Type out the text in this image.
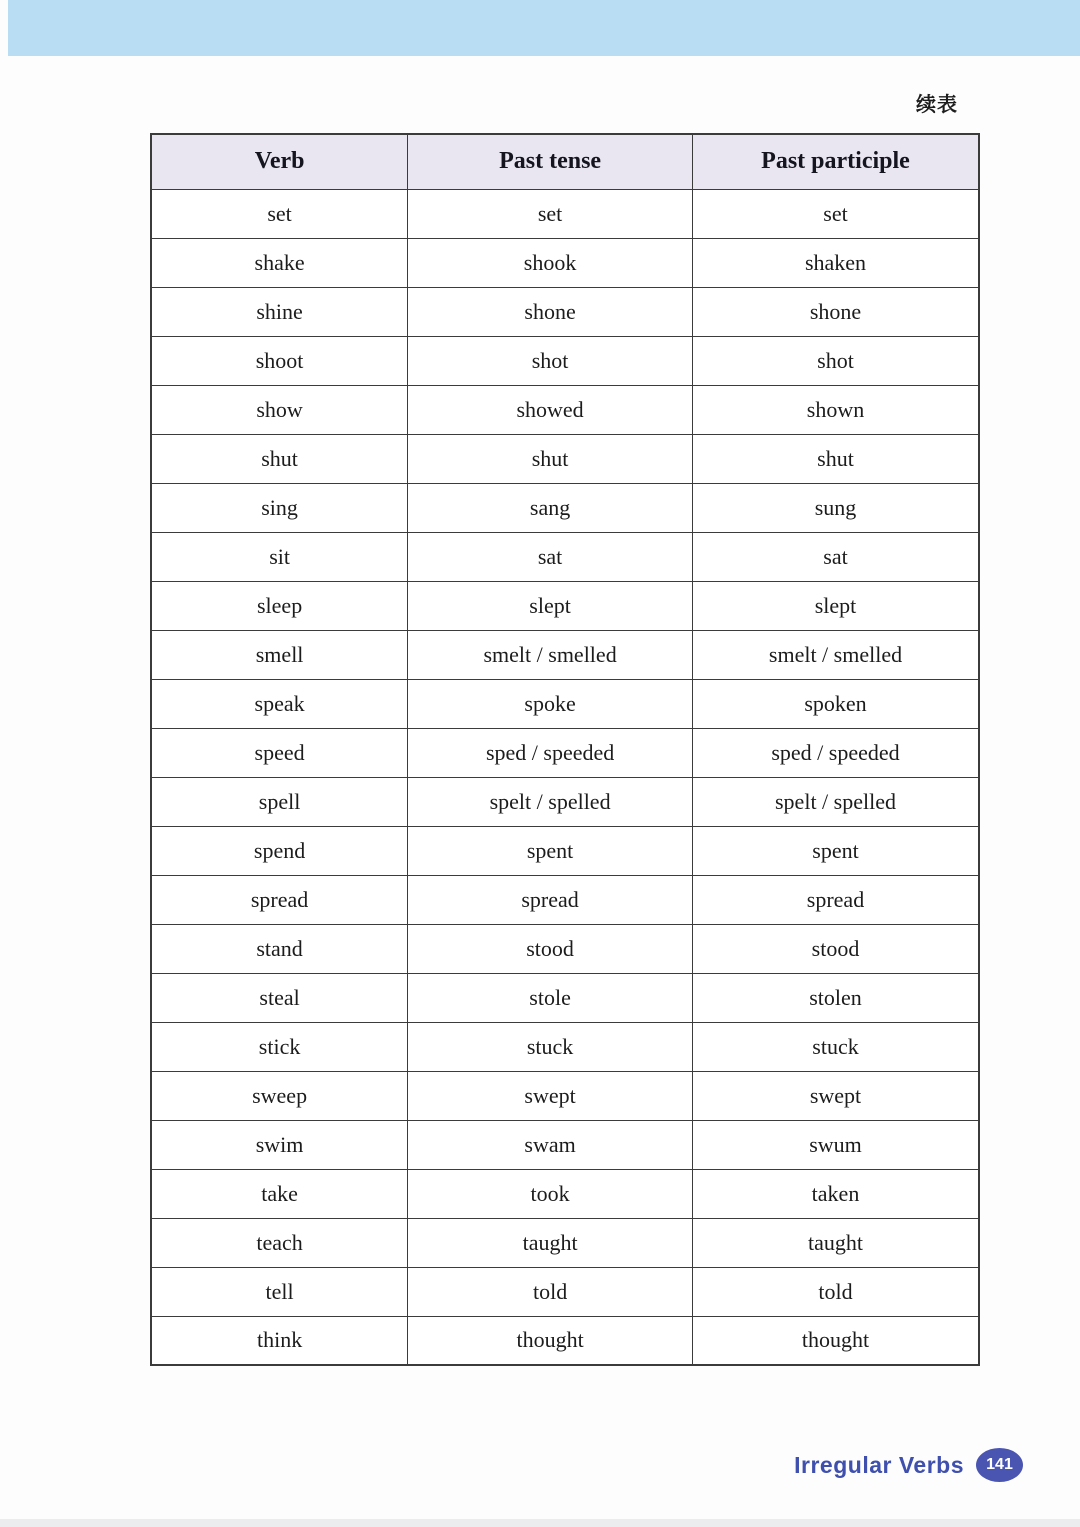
续表
Verb	Past tense	Past participle
set	set	set
shake	shook	shaken
shine	shone	shone
shoot	shot	shot
show	showed	shown
shut	shut	shut
sing	sang	sung
sit	sat	sat
sleep	slept	slept
smell	smelt / smelled	smelt / smelled
speak	spoke	spoken
speed	sped / speeded	sped / speeded
spell	spelt / spelled	spelt / spelled
spend	spent	spent
spread	spread	spread
stand	stood	stood
steal	stole	stolen
stick	stuck	stuck
sweep	swept	swept
swim	swam	swum
take	took	taken
teach	taught	taught
tell	told	told
think	thought	thought
Irregular Verbs	141
